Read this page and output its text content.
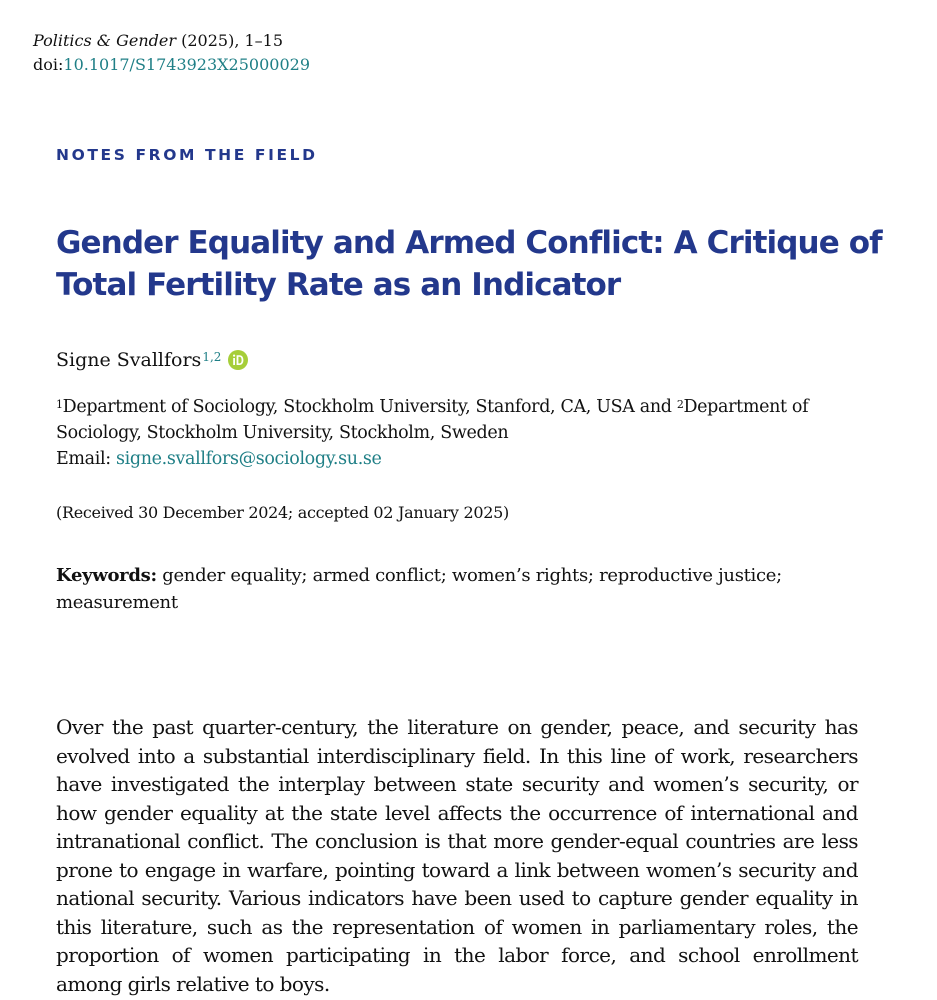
Politics & Gender (2025), 1–15
doi:10.1017/S1743923X25000029
NOTES FROM THE FIELD
Gender Equality and Armed Conflict: A Critique of Total Fertility Rate as an Indicator
Signe Svallfors$^{1,2}$
$^1$Department of Sociology, Stockholm University, Stanford, CA, USA and $^2$Department of Sociology, Stockholm University, Stockholm, Sweden
Email: signe.svallfors@sociology.su.se
(Received 30 December 2024; accepted 02 January 2025)
Keywords: gender equality; armed conflict; women’s rights; reproductive justice; measurement

Over the past quarter-century, the literature on gender, peace, and security has evolved into a substantial interdisciplinary field. In this line of work, researchers have investigated the interplay between state security and women’s security, or how gender equality at the state level affects the occurrence of international and intranational conflict. The conclusion is that more gender-equal countries are less prone to engage in warfare, pointing toward a link between women’s security and national security. Various indicators have been used to capture gender equality in this literature, such as the representation of women in parliamentary roles, the proportion of women participating in the labor force, and school enrollment among girls relative to boys.
